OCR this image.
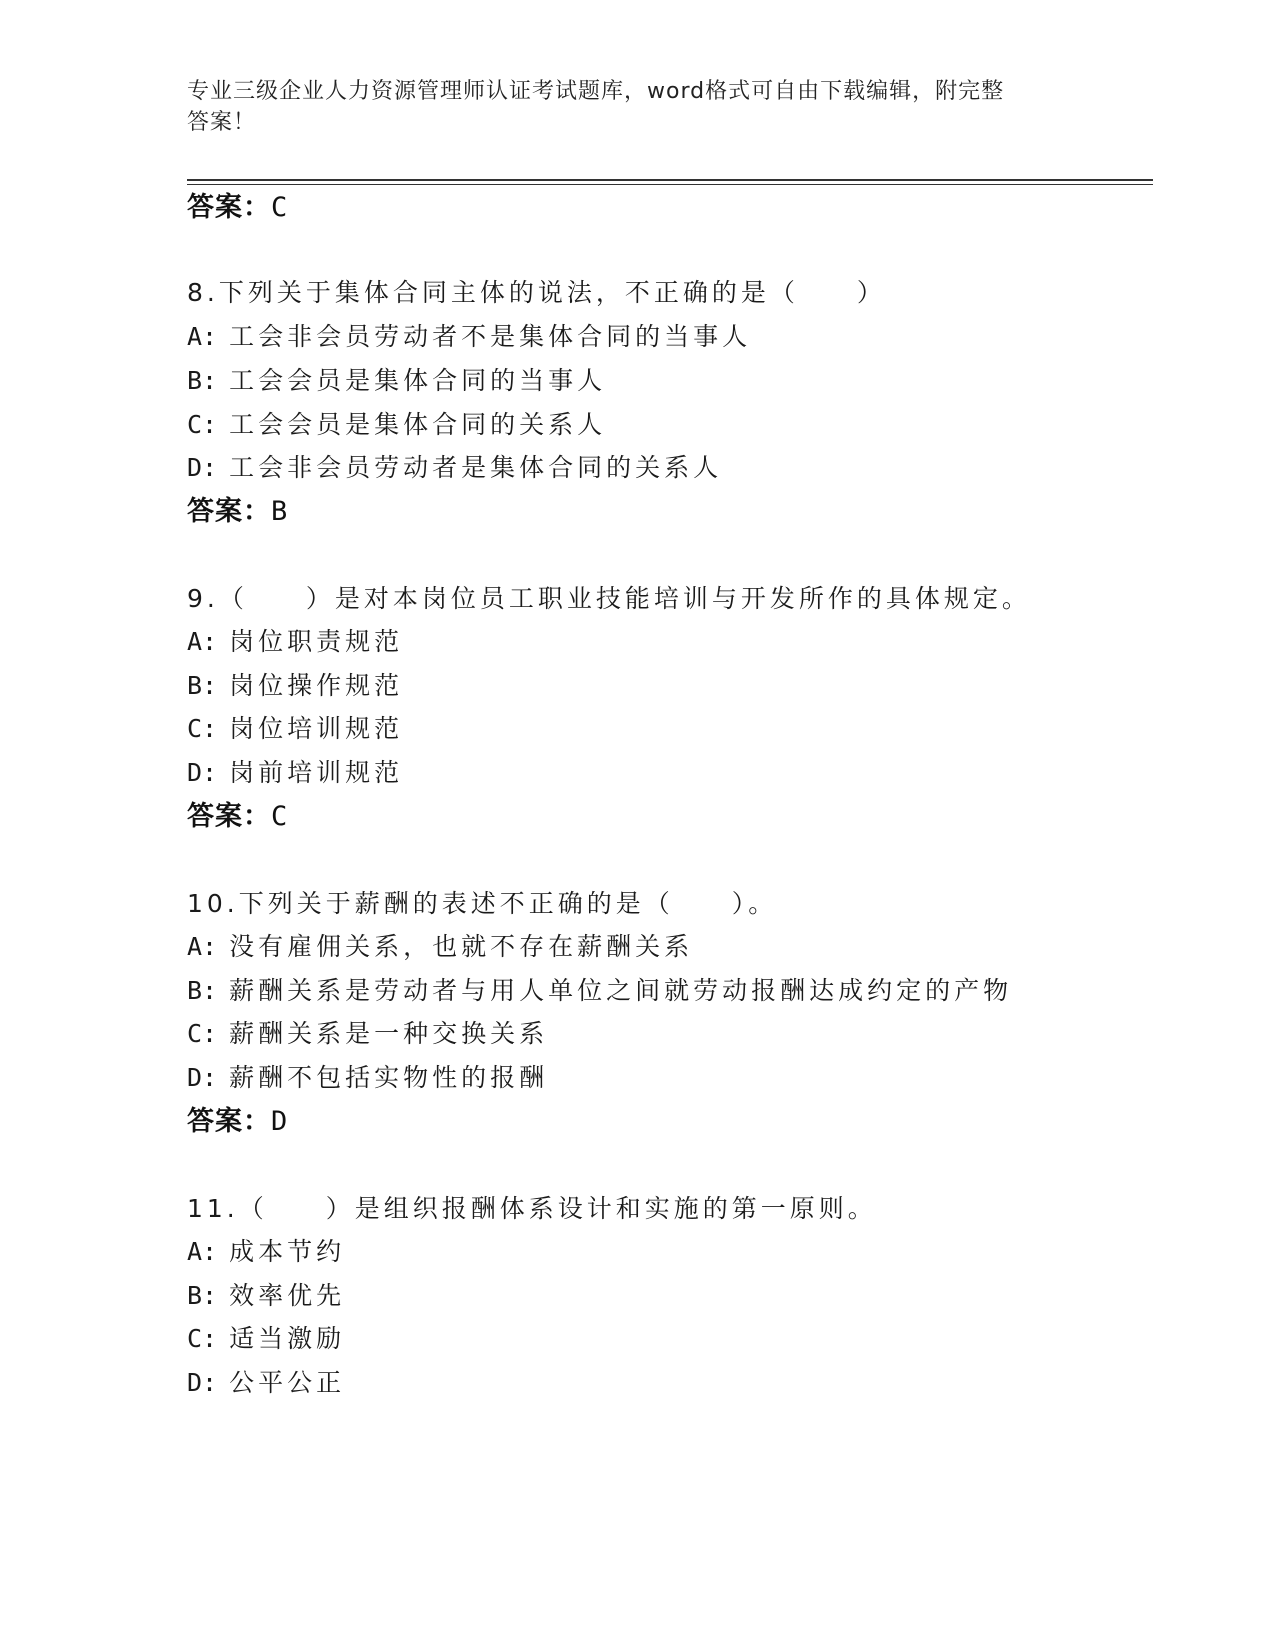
专业三级企业人力资源管理师认证考试题库，word格式可自由下载编辑，附完整
答案！
答案：C
8.下列关于集体合同主体的说法，不正确的是（　　）
A: 工会非会员劳动者不是集体合同的当事人
B: 工会会员是集体合同的当事人
C: 工会会员是集体合同的关系人
D: 工会非会员劳动者是集体合同的关系人
答案：B
9.（　　）是对本岗位员工职业技能培训与开发所作的具体规定。
A: 岗位职责规范
B: 岗位操作规范
C: 岗位培训规范
D: 岗前培训规范
答案：C
10.下列关于薪酬的表述不正确的是（　　）。
A: 没有雇佣关系，也就不存在薪酬关系
B: 薪酬关系是劳动者与用人单位之间就劳动报酬达成约定的产物
C: 薪酬关系是一种交换关系
D: 薪酬不包括实物性的报酬
答案：D
11.（　　）是组织报酬体系设计和实施的第一原则。
A: 成本节约
B: 效率优先
C: 适当激励
D: 公平公正
